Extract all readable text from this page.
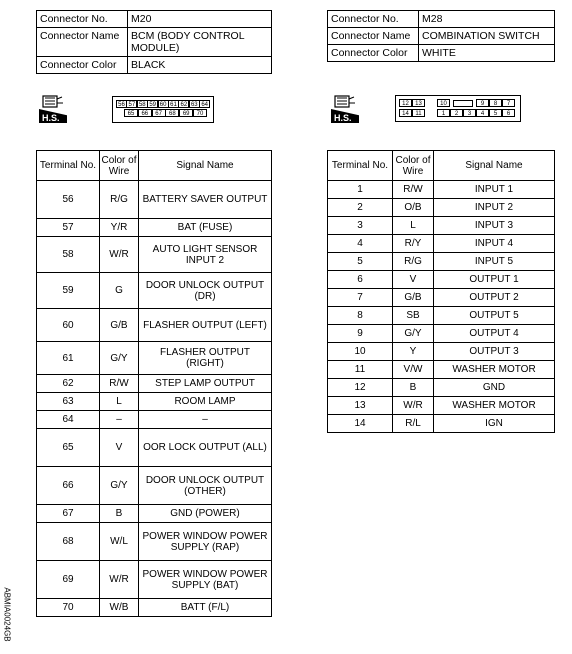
Connector No.	M20
Connector Name	BCM (BODY CONTROL MODULE)
Connector Color	BLACK
Connector No.	M28
Connector Name	COMBINATION SWITCH
Connector Color	WHITE
H.S.	H.S.
56 57 58 59 60 61 62 63 64
65	66	67	68	69	70
12	13	10	9	8	7
14	11	1	2	3	4	5	6
Terminal No.	Color of Wire	Signal Name
56	R/G	BATTERY SAVER OUTPUT
57	Y/R	BAT (FUSE)
58	W/R	AUTO LIGHT SENSOR INPUT 2
59	G	DOOR UNLOCK OUTPUT (DR)
60	G/B	FLASHER OUTPUT (LEFT)
61	G/Y	FLASHER OUTPUT (RIGHT)
62	R/W	STEP LAMP OUTPUT
63	L	ROOM LAMP
64	–	–
65	V	OOR LOCK OUTPUT (ALL)
66	G/Y	DOOR UNLOCK OUTPUT (OTHER)
67	B	GND (POWER)
68	W/L	POWER WINDOW POWER SUPPLY (RAP)
69	W/R	POWER WINDOW POWER SUPPLY (BAT)
70	W/B	BATT (F/L)
Terminal No.	Color of Wire	Signal Name
1	R/W	INPUT 1
2	O/B	INPUT 2
3	L	INPUT 3
4	R/Y	INPUT 4
5	R/G	INPUT 5
6	V	OUTPUT 1
7	G/B	OUTPUT 2
8	SB	OUTPUT 5
9	G/Y	OUTPUT 4
10	Y	OUTPUT 3
11	V/W	WASHER MOTOR
12	B	GND
13	W/R	WASHER MOTOR
14	R/L	IGN
ABMIA0024GB
